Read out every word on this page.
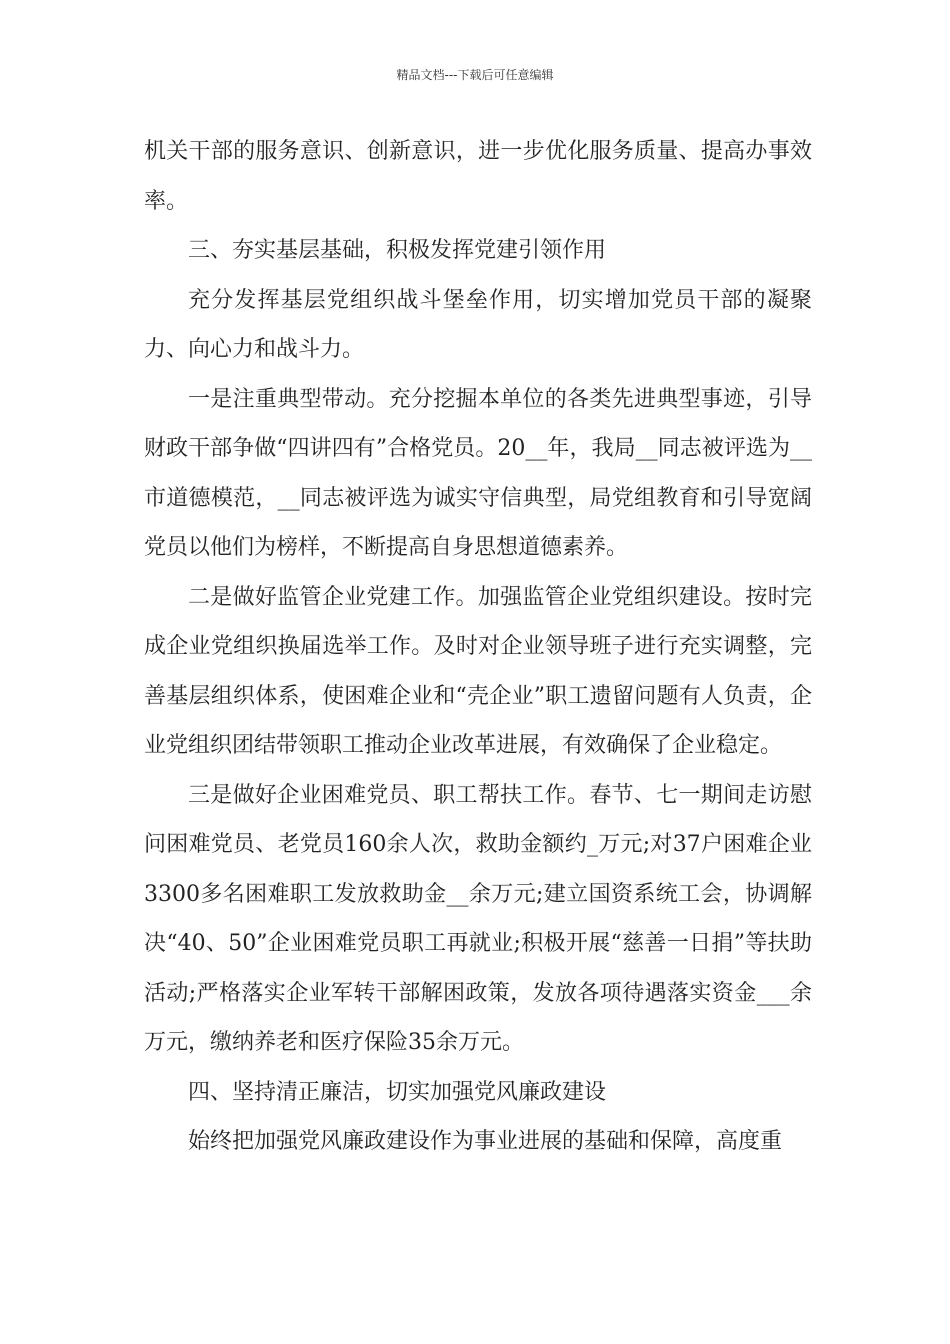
精品文档---下载后可任意编辑

机关干部的服务意识、创新意识，进一步优化服务质量、提高办事效率。

三、夯实基层基础，积极发挥党建引领作用

充分发挥基层党组织战斗堡垒作用，切实增加党员干部的凝聚力、向心力和战斗力。

一是注重典型带动。充分挖掘本单位的各类先进典型事迹，引导财政干部争做“四讲四有”合格党员。20__年，我局__同志被评选为__市道德模范，__同志被评选为诚实守信典型，局党组教育和引导宽阔党员以他们为榜样，不断提高自身思想道德素养。

二是做好监管企业党建工作。加强监管企业党组织建设。按时完成企业党组织换届选举工作。及时对企业领导班子进行充实调整，完善基层组织体系，使困难企业和“壳企业”职工遗留问题有人负责，企业党组织团结带领职工推动企业改革进展，有效确保了企业稳定。

三是做好企业困难党员、职工帮扶工作。春节、七一期间走访慰问困难党员、老党员160余人次，救助金额约_万元;对37户困难企业3300多名困难职工发放救助金__余万元;建立国资系统工会，协调解决“40、50”企业困难党员职工再就业;积极开展“慈善一日捐”等扶助活动;严格落实企业军转干部解困政策，发放各项待遇落实资金___余万元，缴纳养老和医疗保险35余万元。

四、坚持清正廉洁，切实加强党风廉政建设

始终把加强党风廉政建设作为事业进展的基础和保障，高度重
